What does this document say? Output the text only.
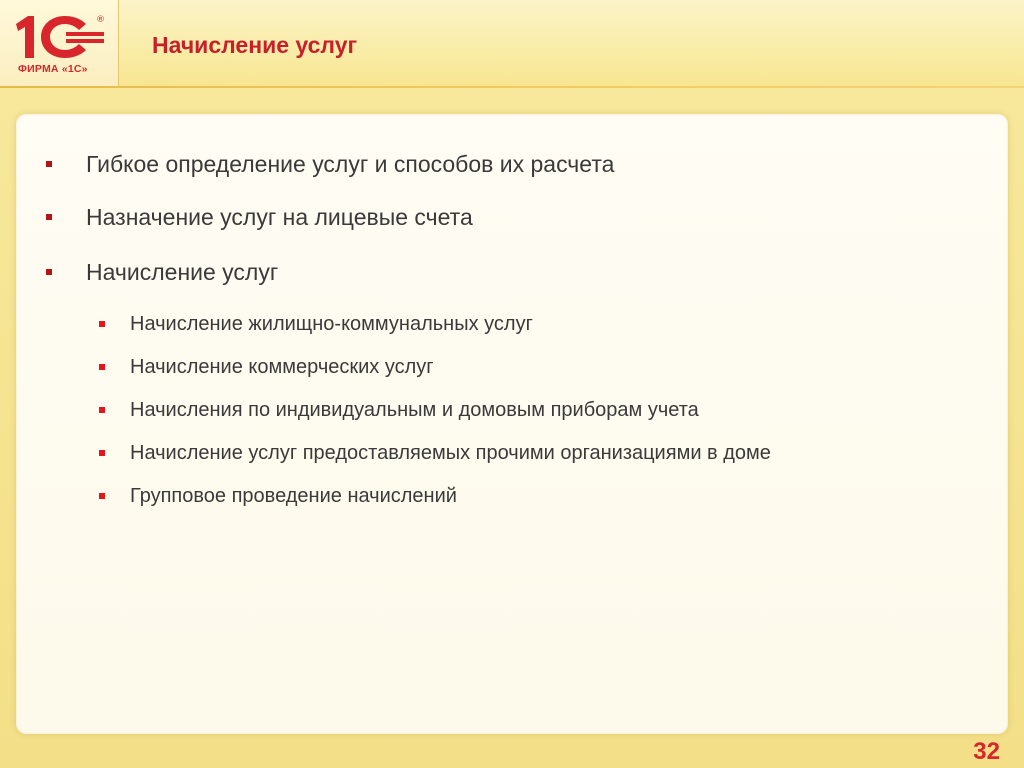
®
ФИРМА «1С»
Начисление услуг
Гибкое определение услуг и способов их расчета
Назначение услуг на лицевые счета
Начисление услуг
Начисление жилищно-коммунальных услуг
Начисление коммерческих услуг
Начисления по индивидуальным и домовым приборам учета
Начисление услуг предоставляемых прочими организациями в доме
Групповое проведение начислений
32
